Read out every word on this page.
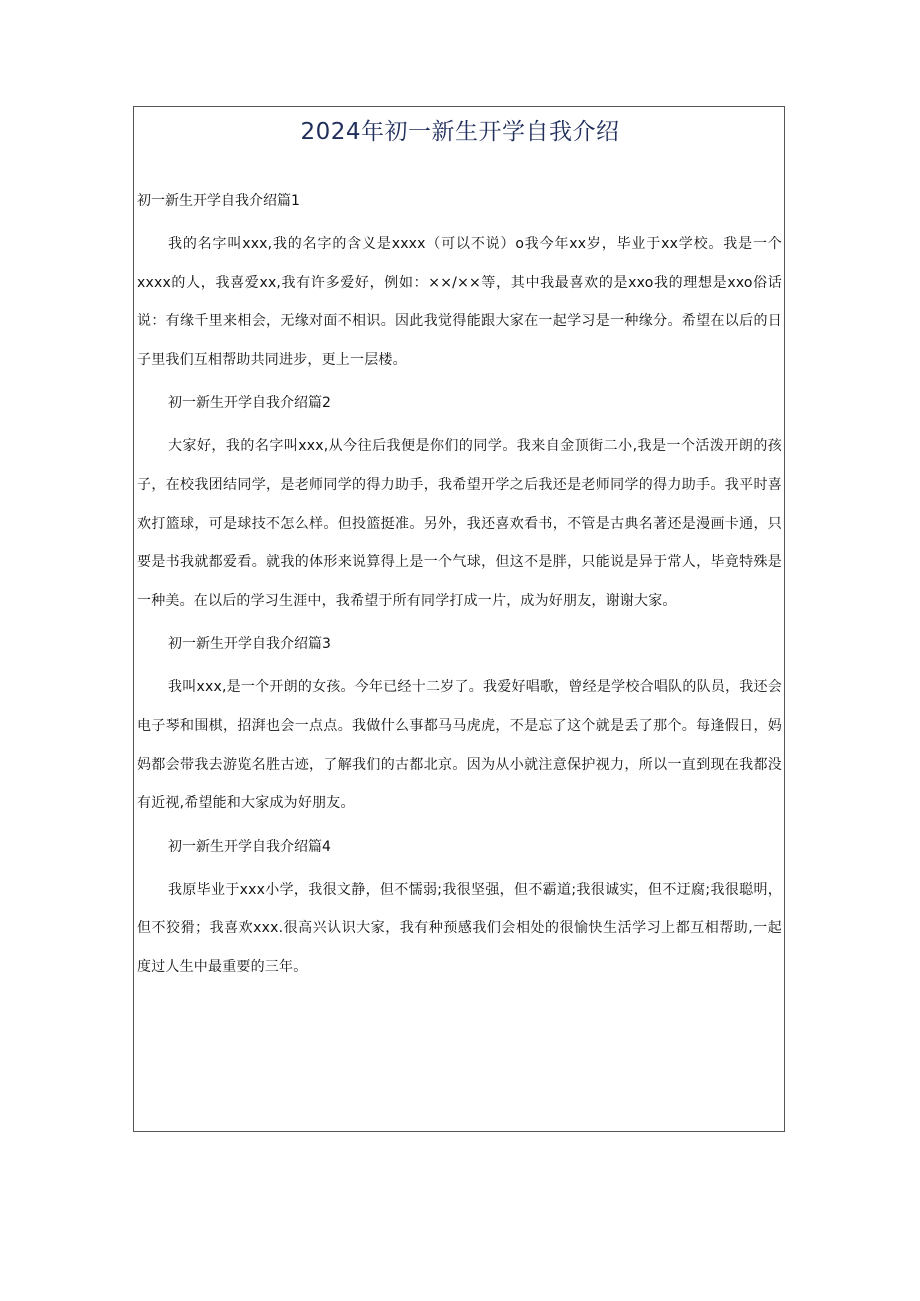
2024年初一新生开学自我介绍

初一新生开学自我介绍篇1

我的名字叫xxx,我的名字的含义是xxxx（可以不说）o我今年xx岁，毕业于xx学校。我是一个xxxx的人，我喜爱xx,我有许多爱好，例如：××/××等，其中我最喜欢的是xxo我的理想是xxo俗话说：有缘千里来相会，无缘对面不相识。因此我觉得能跟大家在一起学习是一种缘分。希望在以后的日子里我们互相帮助共同进步，更上一层楼。

初一新生开学自我介绍篇2

大家好，我的名字叫xxx,从今往后我便是你们的同学。我来自金顶街二小,我是一个活泼开朗的孩子，在校我团结同学，是老师同学的得力助手，我希望开学之后我还是老师同学的得力助手。我平时喜欢打篮球，可是球技不怎么样。但投篮挺准。另外，我还喜欢看书，不管是古典名著还是漫画卡通，只要是书我就都爱看。就我的体形来说算得上是一个气球，但这不是胖，只能说是异于常人，毕竟特殊是一种美。在以后的学习生涯中，我希望于所有同学打成一片，成为好朋友，谢谢大家。

初一新生开学自我介绍篇3

我叫xxx,是一个开朗的女孩。今年已经十二岁了。我爱好唱歌，曾经是学校合唱队的队员，我还会电子琴和围棋，招湃也会一点点。我做什么事都马马虎虎，不是忘了这个就是丢了那个。每逢假日，妈妈都会带我去游览名胜古迹，了解我们的古都北京。因为从小就注意保护视力，所以一直到现在我都没有近视,希望能和大家成为好朋友。

初一新生开学自我介绍篇4

我原毕业于xxx小学，我很文静，但不懦弱;我很坚强，但不霸道;我很诚实，但不迂腐;我很聪明，但不狡猾；我喜欢xxx.很高兴认识大家，我有种预感我们会相处的很愉快生活学习上都互相帮助,一起度过人生中最重要的三年。
